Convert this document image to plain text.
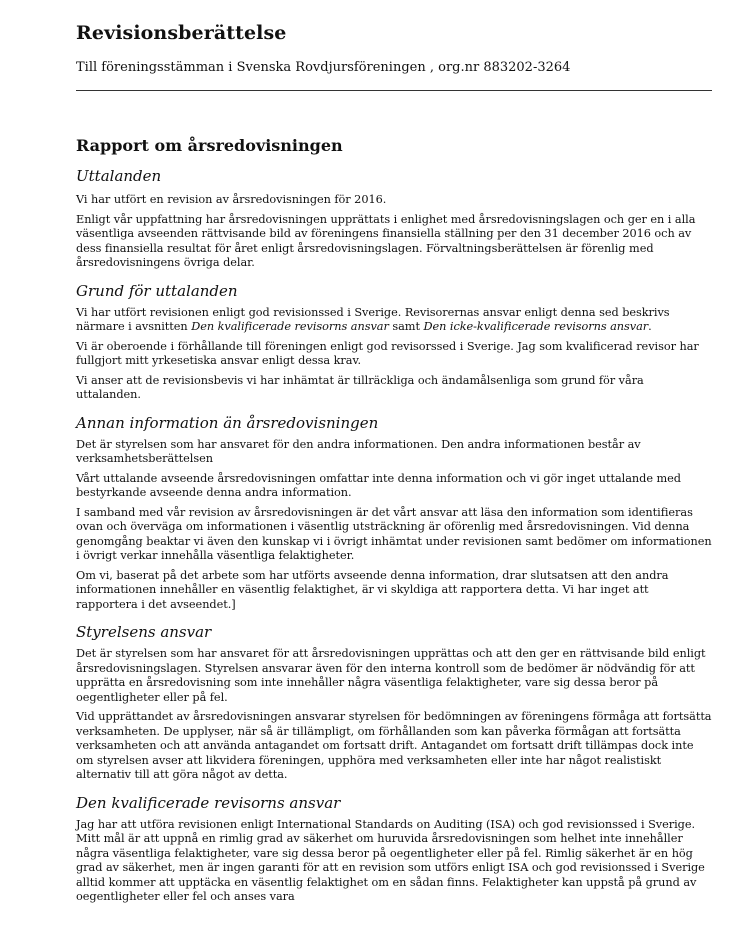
Revisionsberättelse

Till föreningsstämman i Svenska Rovdjursföreningen , org.nr 883202-3264

Rapport om årsredovisningen
Uttalanden

Vi har utfört en revision av årsredovisningen för 2016.

Enligt vår uppfattning har årsredovisningen upprättats i enlighet med årsredovisningslagen och ger en i alla väsentliga avseenden rättvisande bild av föreningens finansiella ställning per den 31 december 2016 och av dess finansiella resultat för året enligt årsredovisningslagen. Förvaltningsberättelsen är förenlig med årsredovisningens övriga delar.

Grund för uttalanden

Vi har utfört revisionen enligt god revisionssed i Sverige. Revisorernas ansvar enligt denna sed beskrivs närmare i avsnitten Den kvalificerade revisorns ansvar samt Den icke-kvalificerade revisorns ansvar.

Vi är oberoende i förhållande till föreningen enligt god revisorssed i Sverige. Jag som kvalificerad revisor har fullgjort mitt yrkesetiska ansvar enligt dessa krav.

Vi anser att de revisionsbevis vi har inhämtat är tillräckliga och ändamålsenliga som grund för våra uttalanden.

Annan information än årsredovisningen

Det är styrelsen som har ansvaret för den andra informationen. Den andra informationen består av verksamhetsberättelsen

Vårt uttalande avseende årsredovisningen omfattar inte denna information och vi gör inget uttalande med bestyrkande avseende denna andra information.

I samband med vår revision av årsredovisningen är det vårt ansvar att läsa den information som identifieras ovan och överväga om informationen i väsentlig utsträckning är oförenlig med årsredovisningen. Vid denna genomgång beaktar vi även den kunskap vi i övrigt inhämtat under revisionen samt bedömer om informationen i övrigt verkar innehålla väsentliga felaktigheter.

Om vi, baserat på det arbete som har utförts avseende denna information, drar slutsatsen att den andra informationen innehåller en väsentlig felaktighet, är vi skyldiga att rapportera detta. Vi har inget att rapportera i det avseendet.]

Styrelsens ansvar

Det är styrelsen som har ansvaret för att årsredovisningen upprättas och att den ger en rättvisande bild enligt årsredovisningslagen. Styrelsen ansvarar även för den interna kontroll som de bedömer är nödvändig för att upprätta en årsredovisning som inte innehåller några väsentliga felaktigheter, vare sig dessa beror på oegentligheter eller på fel.

Vid upprättandet av årsredovisningen ansvarar styrelsen för bedömningen av föreningens förmåga att fortsätta verksamheten. De upplyser, när så är tillämpligt, om förhållanden som kan påverka förmågan att fortsätta verksamheten och att använda antagandet om fortsatt drift. Antagandet om fortsatt drift tillämpas dock inte om styrelsen avser att likvidera föreningen, upphöra med verksamheten eller inte har något realistiskt alternativ till att göra något av detta.

Den kvalificerade revisorns ansvar

Jag har att utföra revisionen enligt International Standards on Auditing (ISA) och god revisionssed i Sverige. Mitt mål är att uppnå en rimlig grad av säkerhet om huruvida årsredovisningen som helhet inte innehåller några väsentliga felaktigheter, vare sig dessa beror på oegentligheter eller på fel. Rimlig säkerhet är en hög grad av säkerhet, men är ingen garanti för att en revision som utförs enligt ISA och god revisionssed i Sverige alltid kommer att upptäcka en väsentlig felaktighet om en sådan finns. Felaktigheter kan uppstå på grund av oegentligheter eller fel och anses vara
